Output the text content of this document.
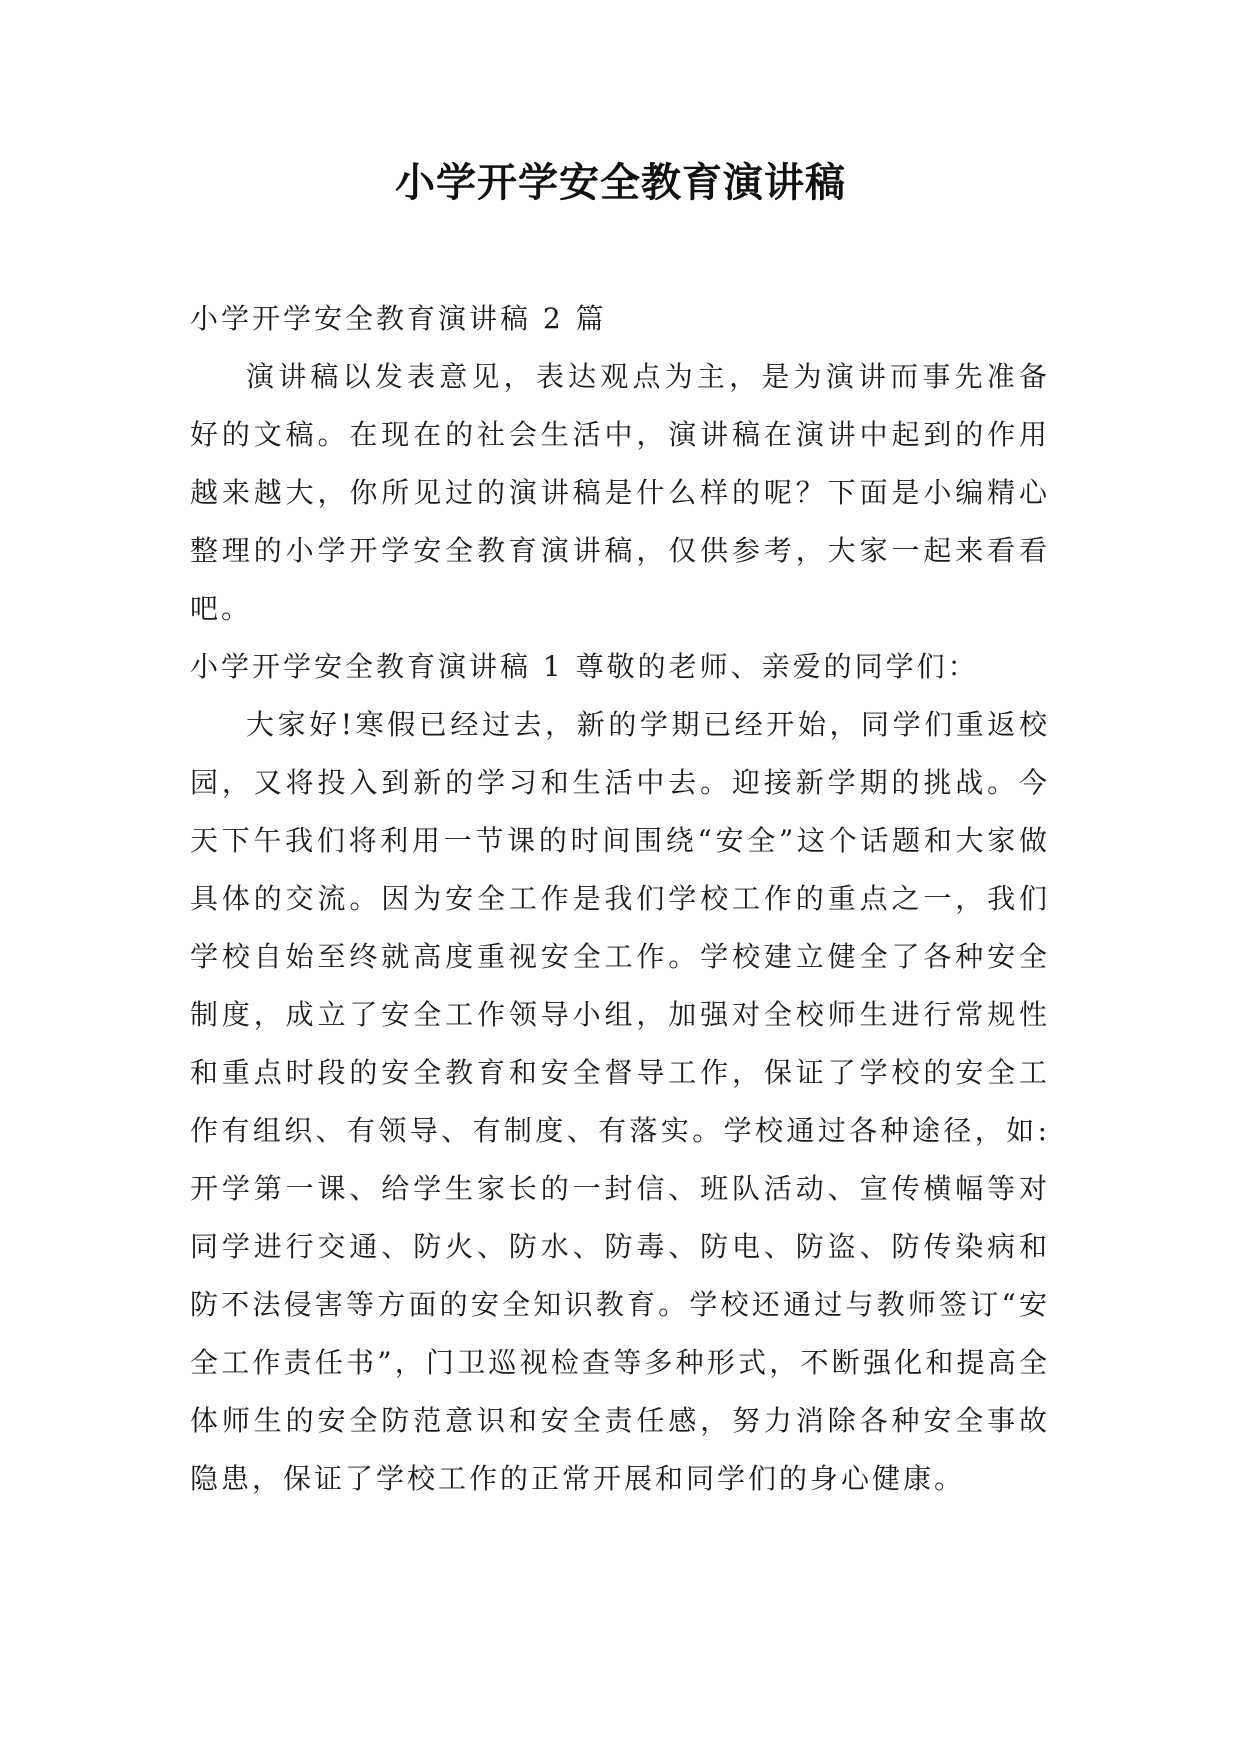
小学开学安全教育演讲稿

小学开学安全教育演讲稿 2 篇

演讲稿以发表意见，表达观点为主，是为演讲而事先准备好的文稿。在现在的社会生活中，演讲稿在演讲中起到的作用越来越大，你所见过的演讲稿是什么样的呢？下面是小编精心整理的小学开学安全教育演讲稿，仅供参考，大家一起来看看吧。

小学开学安全教育演讲稿 1 尊敬的老师、亲爱的同学们：

大家好!寒假已经过去，新的学期已经开始，同学们重返校园，又将投入到新的学习和生活中去。迎接新学期的挑战。今天下午我们将利用一节课的时间围绕“安全”这个话题和大家做具体的交流。因为安全工作是我们学校工作的重点之一，我们学校自始至终就高度重视安全工作。学校建立健全了各种安全制度，成立了安全工作领导小组，加强对全校师生进行常规性和重点时段的安全教育和安全督导工作，保证了学校的安全工作有组织、有领导、有制度、有落实。学校通过各种途径，如:开学第一课、给学生家长的一封信、班队活动、宣传横幅等对同学进行交通、防火、防水、防毒、防电、防盗、防传染病和防不法侵害等方面的安全知识教育。学校还通过与教师签订“安全工作责任书”，门卫巡视检查等多种形式，不断强化和提高全体师生的安全防范意识和安全责任感，努力消除各种安全事故隐患，保证了学校工作的正常开展和同学们的身心健康。
